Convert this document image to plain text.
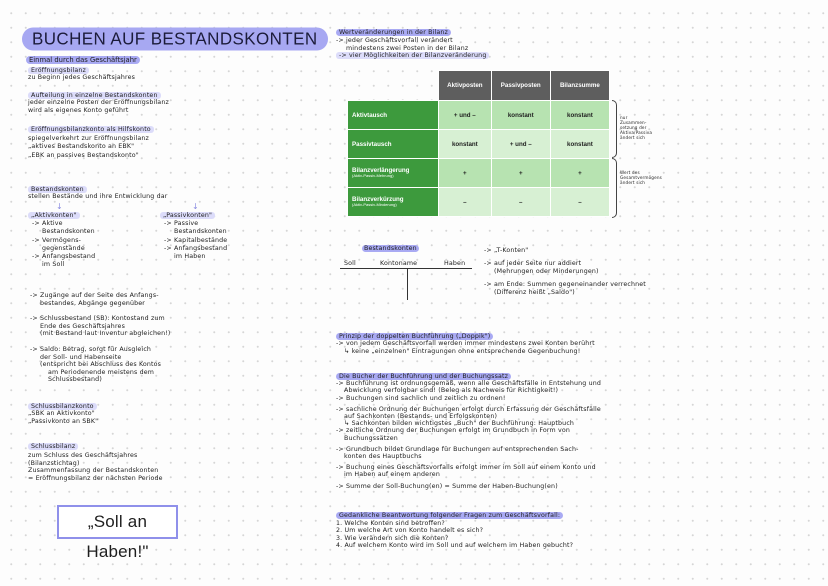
BUCHEN AUF BESTANDSKONTEN
Einmal durch das Geschäftsjahr
Eröffnungsbilanz
zu Beginn jedes Geschäftsjahres
Aufteilung in einzelne Bestandskonten
jeder einzelne Posten der Eröffnungsbilanz
wird als eigenes Konto geführt
Eröffnungsbilanzkonto als Hilfskonto
spiegelverkehrt zur Eröffnungsbilanz
„aktives Bestandskonto an EBK"
„EBK an passives Bestandskonto"
Bestandskonten
stellen Bestände und ihre Entwicklung dar
↓	↓
„Aktivkonten"
-> Aktive
Bestandskonten
-> Vermögens-
gegenstände
-> Anfangsbestand
im Soll
„Passivkonten"
-> Passive
Bestandskonten
-> Kapitalbestände
-> Anfangsbestand
im Haben
-> Zugänge auf der Seite des Anfangs-
bestandes, Abgänge gegenüber
-> Schlussbestand (SB): Kontostand zum
Ende des Geschäftsjahres
(mit Bestand laut Inventur abgleichen!)
-> Saldo: Betrag, sorgt für Ausgleich
der Soll- und Habenseite
(entspricht bei Abschluss des Kontos
am Periodenende meistens dem
Schlussbestand)
Schlussbilanzkonto
„SBK an Aktivkonto"
„Passivkonto an SBK"
Schlussbilanz
zum Schluss des Geschäftsjahres
(Bilanzstichtag)
Zusammenfassung der Bestandskonten
= Eröffnungsbilanz der nächsten Periode
„Soll an Haben!"
Wertveränderungen in der Bilanz
-> jeder Geschäftsvorfall verändert
mindestens zwei Posten in der Bilanz
-> vier Möglichkeiten der Bilanzveränderung
	Aktivposten	Passivposten	Bilanzsumme
Aktivtausch	+ und –	konstant	konstant
Passivtausch	konstant	+ und –	konstant
Bilanzverlängerung
(Aktiv-Passiv-Mehrung)	+	+	+
Bilanzverkürzung
(Aktiv-Passiv-Minderung)	–	–	–
nur
Zusammen-
setzung der
Aktiva/Passiva
ändert sich
Wert des
Gesamtvermögens
ändert sich
Bestandskonten
Soll	Kontoname	Haben
-> „T-Konten"
-> auf jeder Seite nur addiert
(Mehrungen oder Minderungen)
-> am Ende: Summen gegeneinander verrechnet
(Differenz heißt „Saldo")
Prinzip der doppelten Buchführung („Doppik")
-> von jedem Geschäftsvorfall werden immer mindestens zwei Konten berührt
↳ keine „einzelnen" Eintragungen ohne entsprechende Gegenbuchung!
Die Bücher der Buchführung und der Buchungssatz
-> Buchführung ist ordnungsgemäß, wenn alle Geschäftsfälle in Entstehung und
Abwicklung verfolgbar sind! (Beleg als Nachweis für Richtigkeit!)
-> Buchungen sind sachlich und zeitlich zu ordnen!
-> sachliche Ordnung der Buchungen erfolgt durch Erfassung der Geschäftsfälle
auf Sachkonten (Bestands- und Erfolgskonten)
↳ Sachkonten bilden wichtigstes „Buch" der Buchführung: Hauptbuch
-> zeitliche Ordnung der Buchungen erfolgt im Grundbuch in Form von
Buchungssätzen
-> Grundbuch bildet Grundlage für Buchungen auf entsprechenden Sach-
konten des Hauptbuchs
-> Buchung eines Geschäftsvorfalls erfolgt immer im Soll auf einem Konto und
im Haben auf einem anderen
-> Summe der Soll-Buchung(en) = Summe der Haben-Buchung(en)
Gedankliche Beantwortung folgender Fragen zum Geschäftsvorfall:
1. Welche Konten sind betroffen?
2. Um welche Art von Konto handelt es sich?
3. Wie verändern sich die Konten?
4. Auf welchem Konto wird im Soll und auf welchem im Haben gebucht?
